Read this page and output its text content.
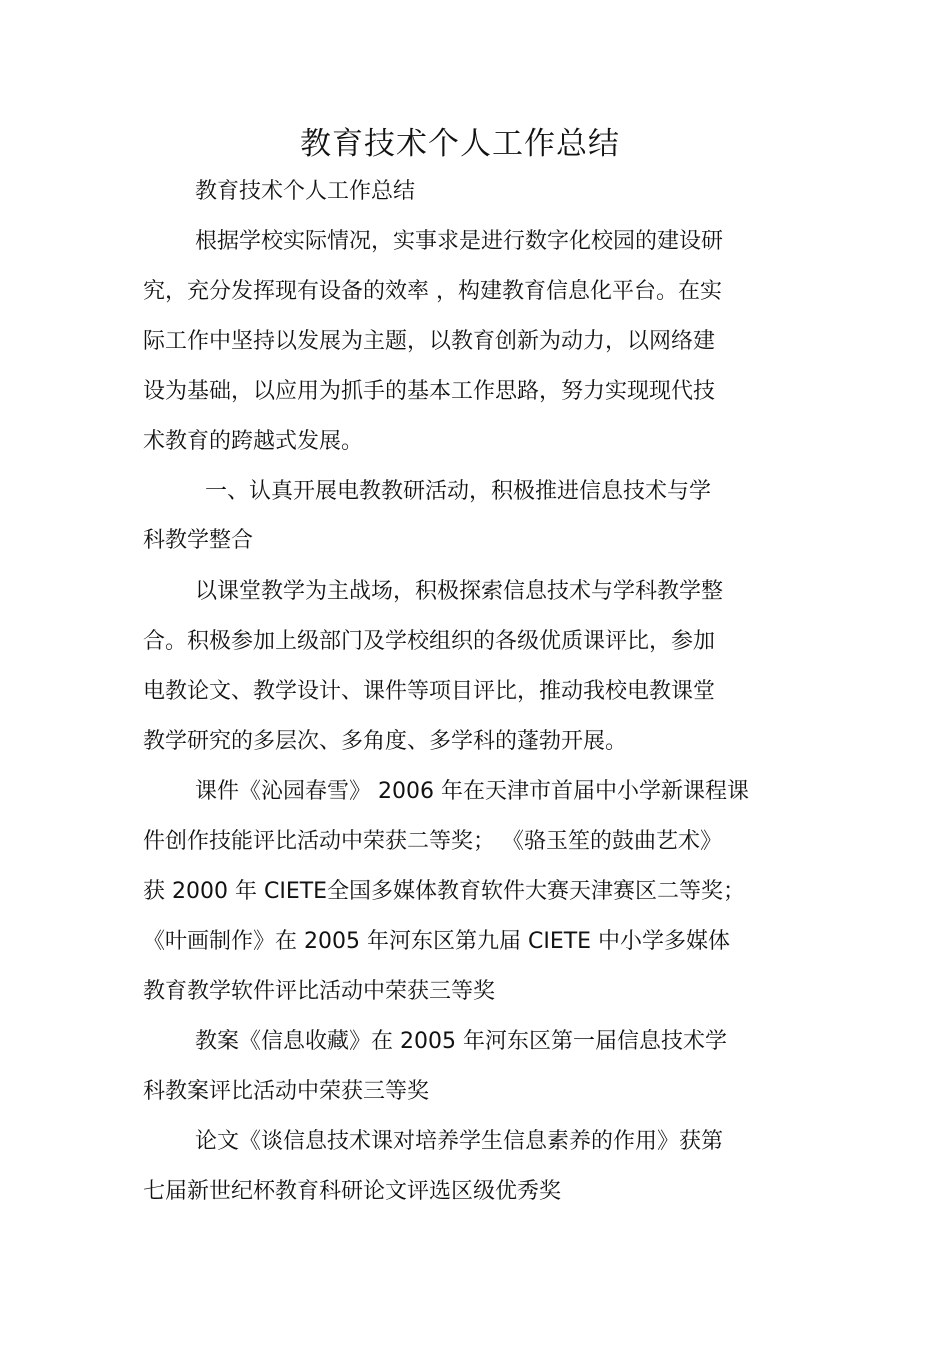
教育技术个人工作总结
教育技术个人工作总结
根据学校实际情况，实事求是进行数字化校园的建设研
究，充分发挥现有设备的效率 ，构建教育信息化平台。在实
际工作中坚持以发展为主题，以教育创新为动力，以网络建
设为基础，以应用为抓手的基本工作思路，努力实现现代技
术教育的跨越式发展。
一、认真开展电教教研活动，积极推进信息技术与学
科教学整合
以课堂教学为主战场，积极探索信息技术与学科教学整
合。积极参加上级部门及学校组织的各级优质课评比，参加
电教论文、教学设计、课件等项目评比，推动我校电教课堂
教学研究的多层次、多角度、多学科的蓬勃开展。
课件《沁园春雪》 2006 年在天津市首届中小学新课程课
件创作技能评比活动中荣获二等奖； 《骆玉笙的鼓曲艺术》
获 2000 年 CIETE全国多媒体教育软件大赛天津赛区二等奖；
《叶画制作》在 2005 年河东区第九届 CIETE 中小学多媒体
教育教学软件评比活动中荣获三等奖
教案《信息收藏》在 2005 年河东区第一届信息技术学
科教案评比活动中荣获三等奖
论文《谈信息技术课对培养学生信息素养的作用》获第
七届新世纪杯教育科研论文评选区级优秀奖
